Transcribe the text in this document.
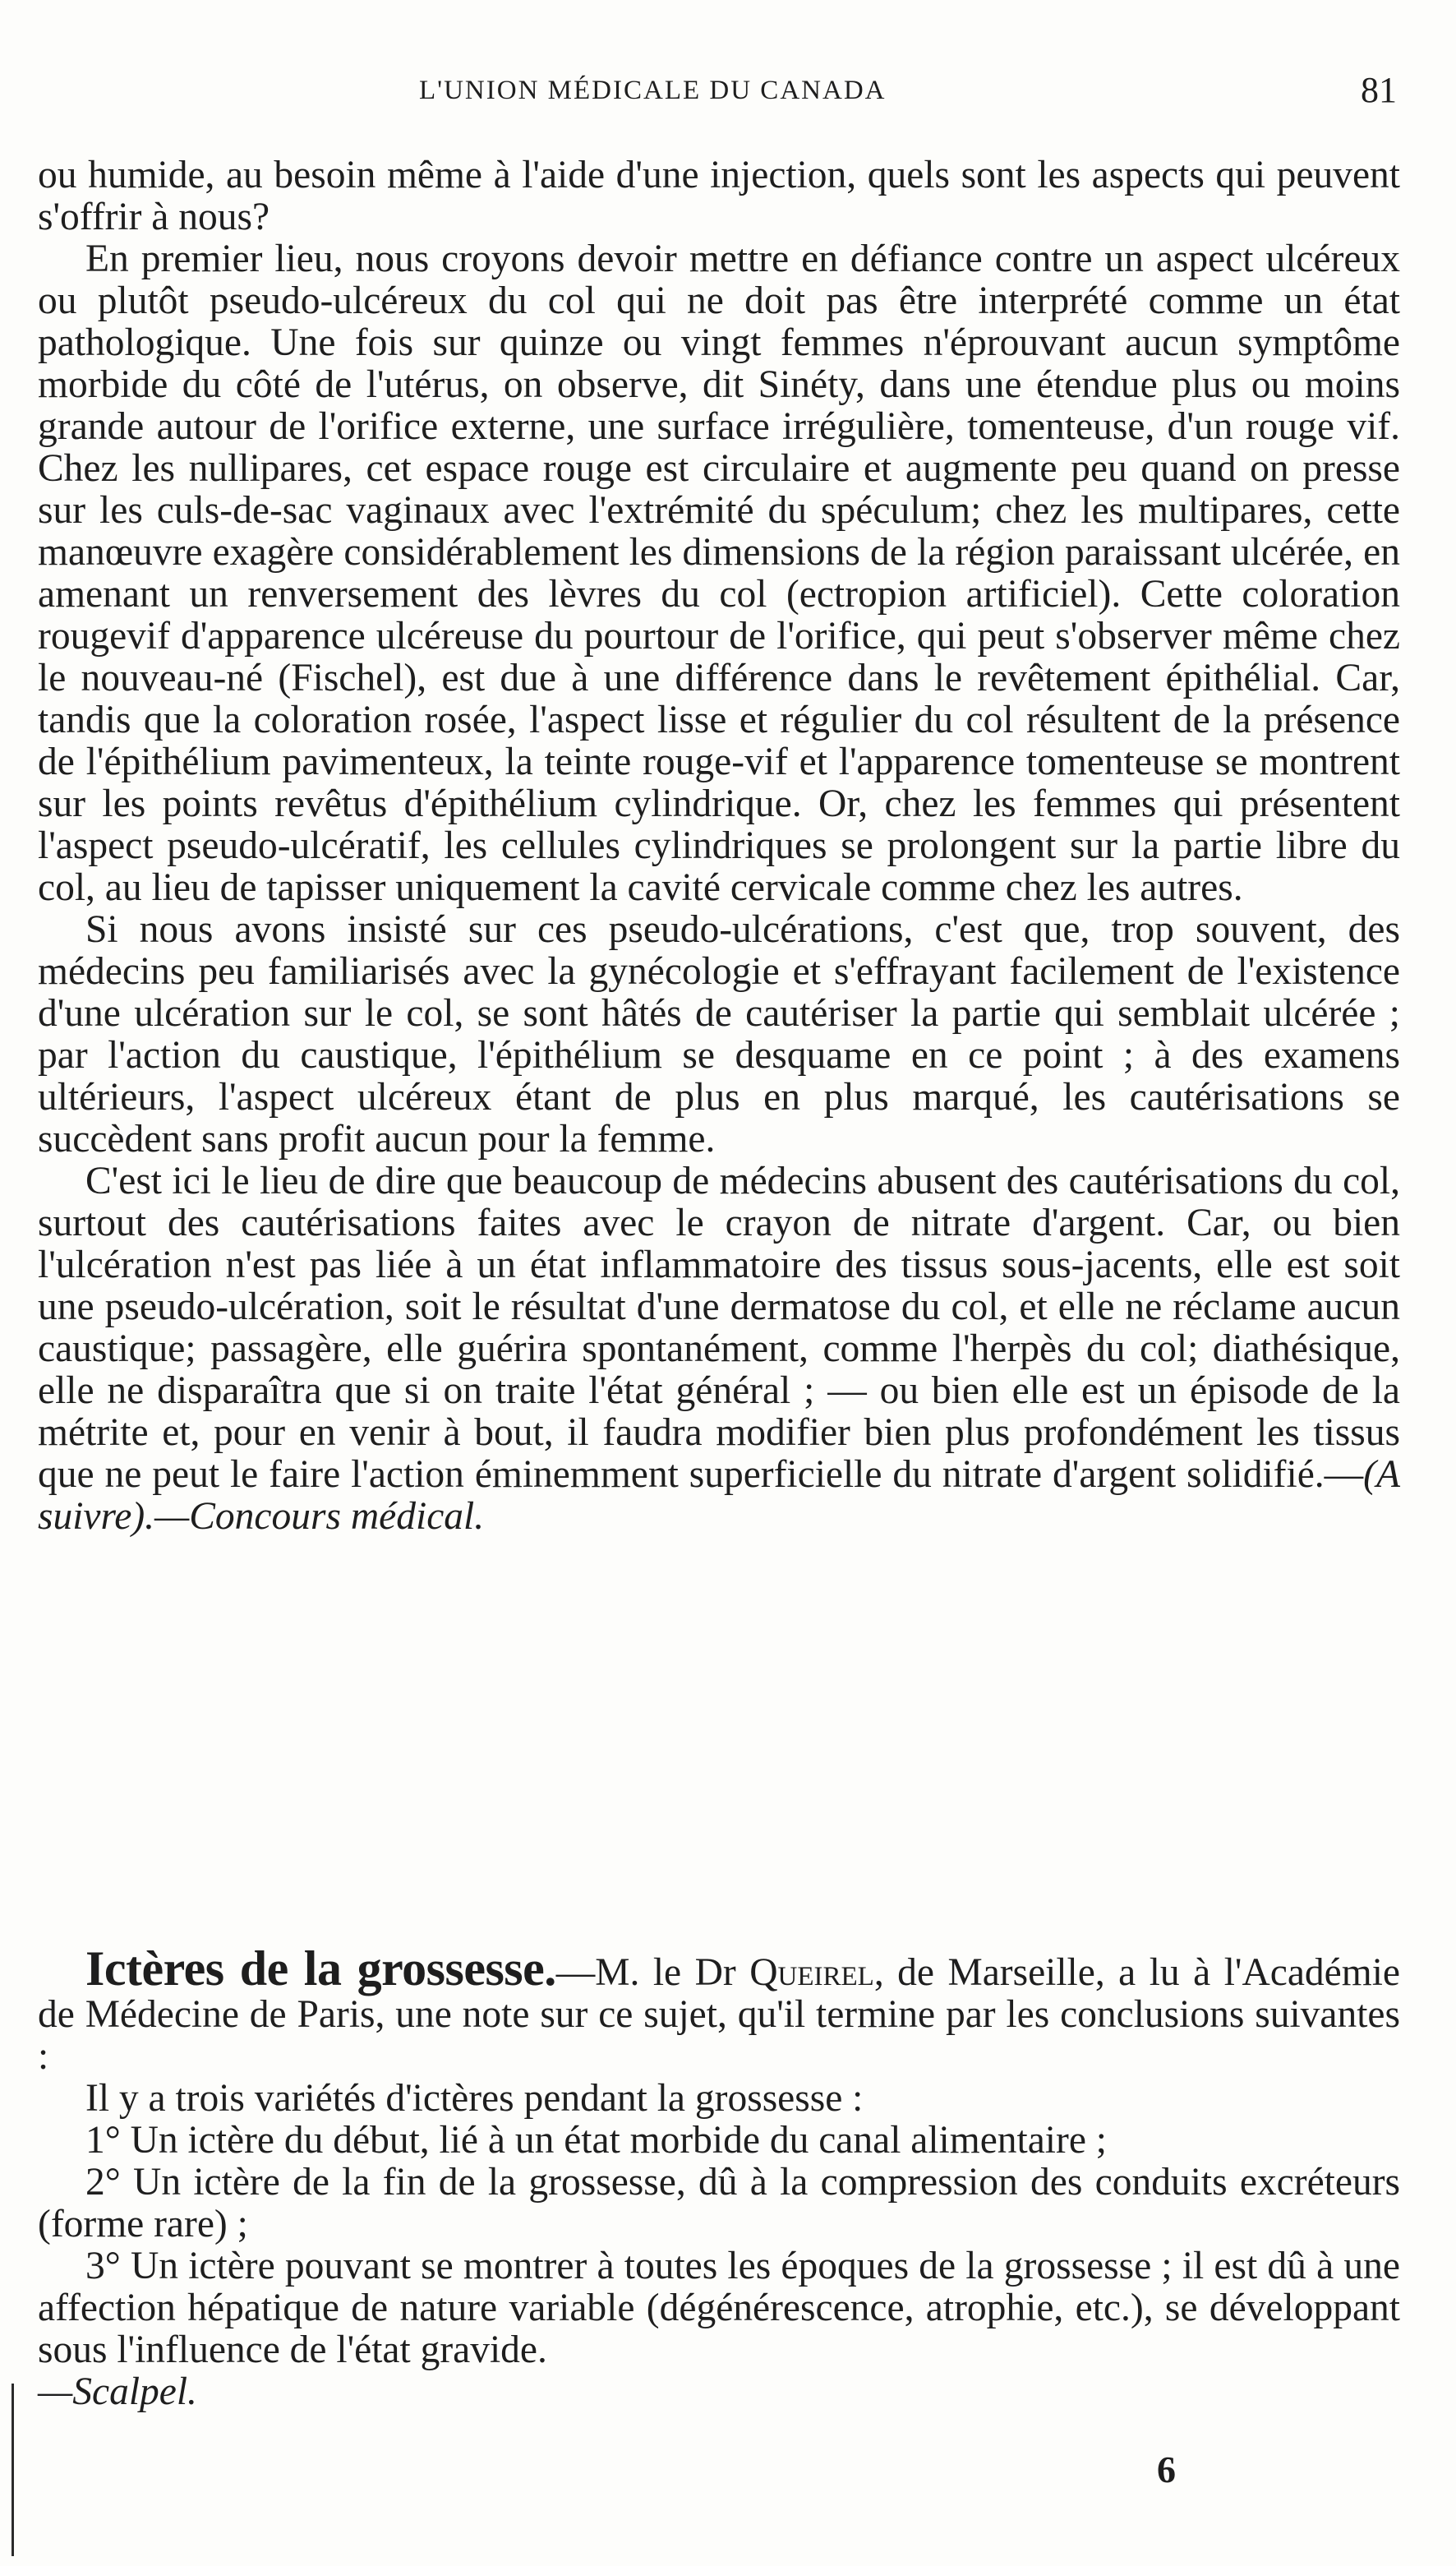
L'UNION MÉDICALE DU CANADA	81

ou humide, au besoin même à l'aide d'une injection, quels sont les aspects qui peuvent s'offrir à nous?

En premier lieu, nous croyons devoir mettre en défiance contre un aspect ulcéreux ou plutôt pseudo-ulcéreux du col qui ne doit pas être interprété comme un état pathologique. Une fois sur quinze ou vingt femmes n'éprouvant aucun symptôme morbide du côté de l'utérus, on observe, dit Sinéty, dans une étendue plus ou moins grande autour de l'orifice externe, une surface irrégulière, tomenteuse, d'un rouge vif. Chez les nullipares, cet espace rouge est circulaire et augmente peu quand on presse sur les culs-de-sac vaginaux avec l'extrémité du spéculum; chez les multipares, cette manœuvre exagère considérablement les dimensions de la région paraissant ulcérée, en amenant un renversement des lèvres du col (ectropion artificiel). Cette coloration rougevif d'apparence ulcéreuse du pourtour de l'orifice, qui peut s'observer même chez le nouveau-né (Fischel), est due à une différence dans le revêtement épithélial. Car, tandis que la coloration rosée, l'aspect lisse et régulier du col résultent de la présence de l'épithélium pavimenteux, la teinte rouge-vif et l'apparence tomenteuse se montrent sur les points revêtus d'épithélium cylindrique. Or, chez les femmes qui présentent l'aspect pseudo-ulcératif, les cellules cylindriques se prolongent sur la partie libre du col, au lieu de tapisser uniquement la cavité cervicale comme chez les autres.

Si nous avons insisté sur ces pseudo-ulcérations, c'est que, trop souvent, des médecins peu familiarisés avec la gynécologie et s'effrayant facilement de l'existence d'une ulcération sur le col, se sont hâtés de cautériser la partie qui semblait ulcérée ; par l'action du caustique, l'épithélium se desquame en ce point ; à des examens ultérieurs, l'aspect ulcéreux étant de plus en plus marqué, les cautérisations se succèdent sans profit aucun pour la femme.

C'est ici le lieu de dire que beaucoup de médecins abusent des cautérisations du col, surtout des cautérisations faites avec le crayon de nitrate d'argent. Car, ou bien l'ulcération n'est pas liée à un état inflammatoire des tissus sous-jacents, elle est soit une pseudo-ulcération, soit le résultat d'une dermatose du col, et elle ne réclame aucun caustique; passagère, elle guérira spontanément, comme l'herpès du col; diathésique, elle ne disparaîtra que si on traite l'état général ; — ou bien elle est un épisode de la métrite et, pour en venir à bout, il faudra modifier bien plus profondément les tissus que ne peut le faire l'action éminemment superficielle du nitrate d'argent solidifié.—(A suivre).—Concours médical.

Ictères de la grossesse.—M. le Dr Queirel, de Marseille, a lu à l'Académie de Médecine de Paris, une note sur ce sujet, qu'il termine par les conclusions suivantes :

Il y a trois variétés d'ictères pendant la grossesse :

1° Un ictère du début, lié à un état morbide du canal alimentaire ;

2° Un ictère de la fin de la grossesse, dû à la compression des conduits excréteurs (forme rare) ;

3° Un ictère pouvant se montrer à toutes les époques de la grossesse ; il est dû à une affection hépatique de nature variable (dégénérescence, atrophie, etc.), se développant sous l'influence de l'état gravide.
—Scalpel.

6
